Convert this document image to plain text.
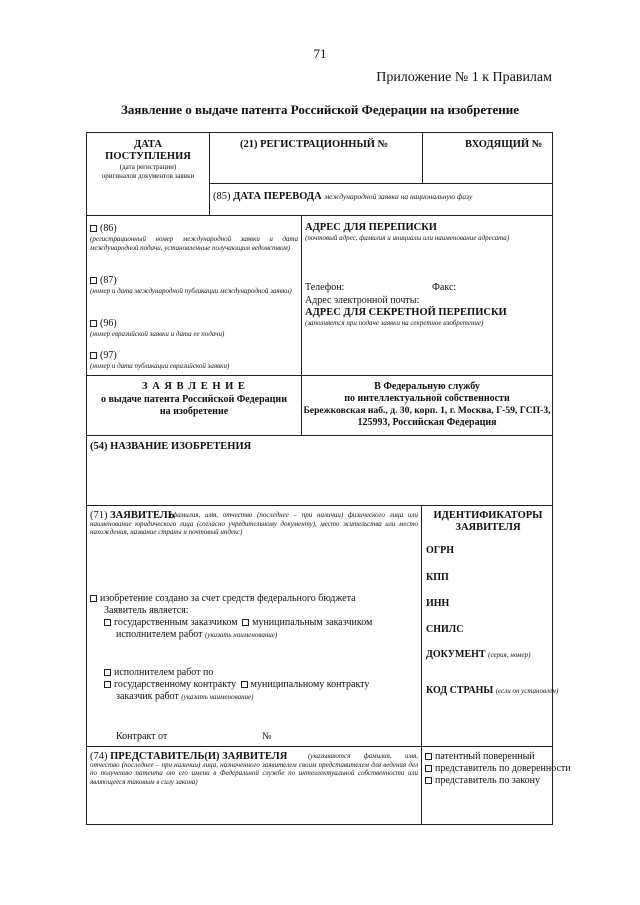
71
Приложение № 1 к Правилам
Заявление о выдаче патента Российской Федерации на изобретение
ДАТА
ПОСТУПЛЕНИЯ
(дата регистрации)
оригиналов документов заявки
(21) РЕГИСТРАЦИОННЫЙ №	ВХОДЯЩИЙ №
(85) ДАТА ПЕРЕВОДА международной заявки на национальную фазу
(86)
(регистрационный номер международной заявки и дата международной подачи, установленные получающим ведомством)
(87)
(номер и дата международной публикации международной заявки)
(96)
(номер евразийской заявки и дата ее подачи)
(97)
(номер и дата публикации евразийской заявки)
АДРЕС ДЛЯ ПЕРЕПИСКИ
(почтовый адрес, фамилия и инициалы или наименование адресата)
Телефон:	Факс:
Адрес электронной почты:
АДРЕС ДЛЯ СЕКРЕТНОЙ ПЕРЕПИСКИ
(заполняется при подаче заявки на секретное изобретение)
З А Я В Л Е Н И Е
о выдаче патента Российской Федерации
на изобретение
В Федеральную службу
по интеллектуальной собственности
Бережковская наб., д. 30, корп. 1, г. Москва, Г-59, ГСП-3,
125993, Российская Федерация
(54) НАЗВАНИЕ ИЗОБРЕТЕНИЯ
(71) ЗАЯВИТЕЛЬ
(фамилия, имя, отчество (последнее – при наличии) физического лица или наименование юридического лица (согласно учредительному документу), место жительства или место нахождения, название страны и почтовый индекс)
изобретение создано за счет средств федерального бюджета
Заявитель является:
государственным заказчиком муниципальным заказчиком
исполнителем работ (указать наименование)
исполнителем работ по
государственному контракту муниципальному контракту
заказчик работ (указать наименование)
Контракт от	№
ИДЕНТИФИКАТОРЫ
ЗАЯВИТЕЛЯ
ОГРН
КПП
ИНН
СНИЛС
ДОКУМЕНТ (серия, номер)
КОД СТРАНЫ (если он установлен)
(74) ПРЕДСТАВИТЕЛЬ(И) ЗАЯВИТЕЛЯ	(указываются фамилия, имя, отчество (последнее – при наличии) лица, назначенного заявителем своим представителем для ведения дел по получению патента от его имени в Федеральной службе по интеллектуальной собственности или являющееся таковым в силу закона)
патентный поверенный
представитель по доверенности
представитель по закону
